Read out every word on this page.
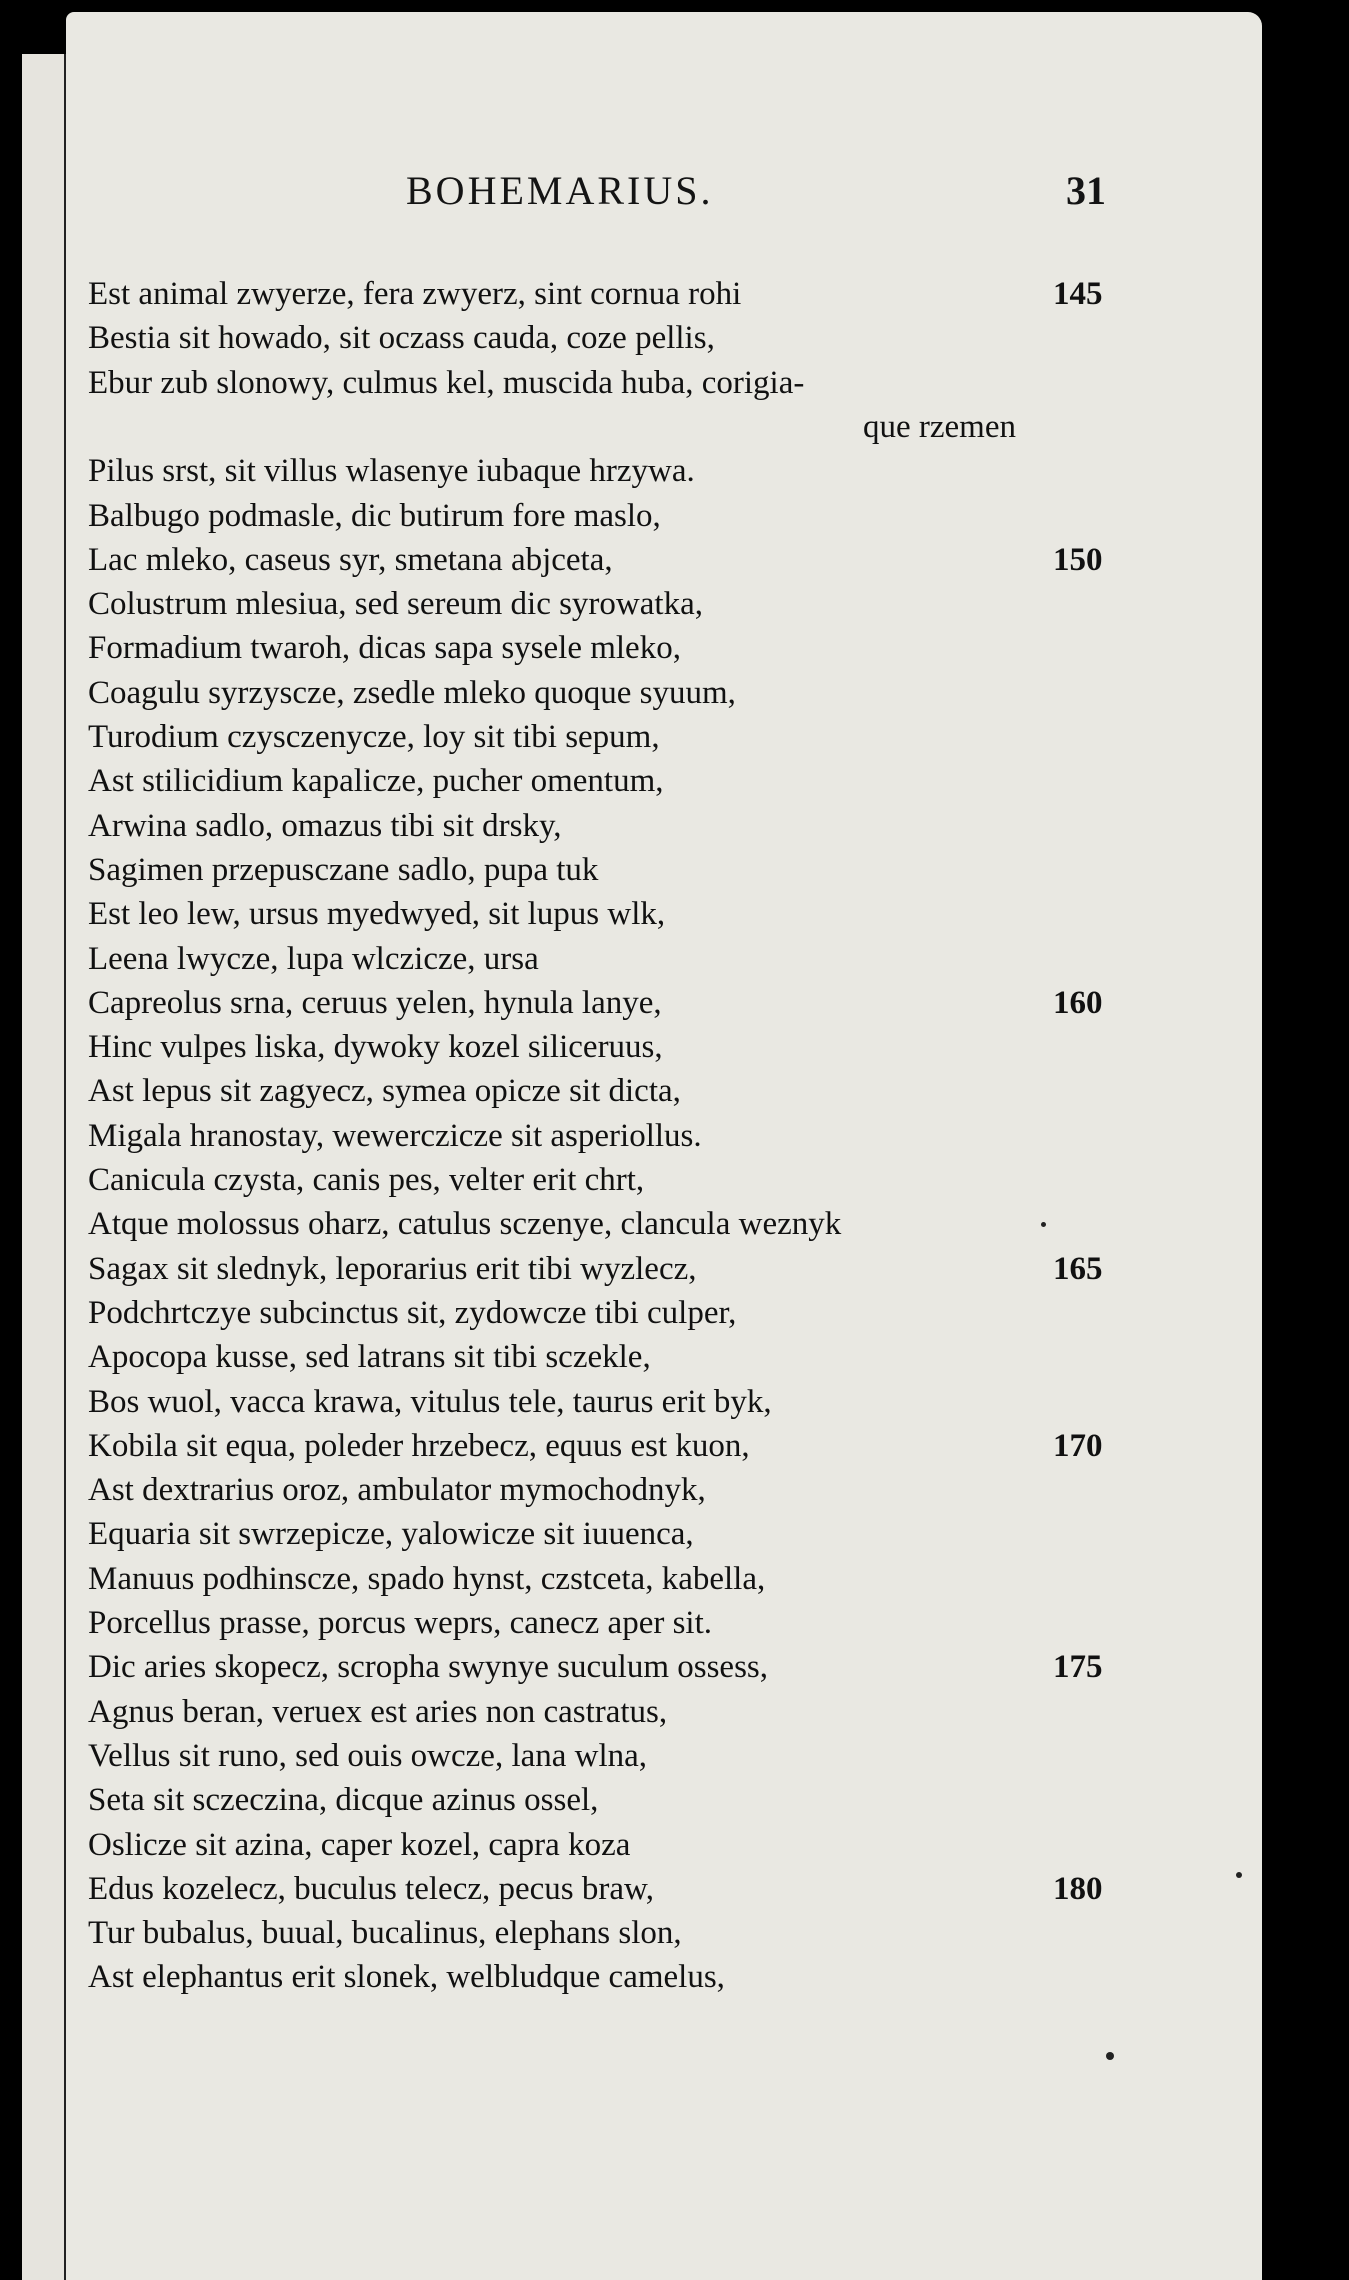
BOHEMARIUS.	31
Est animal zwyerze, fera zwyerz, sint cornua rohi	145
Bestia sit howado, sit oczass cauda, coze pellis,
Ebur zub slonowy, culmus kel, muscida huba, corigia-
que rzemen
Pilus srst, sit villus wlasenye iubaque hrzywa.
Balbugo podmasle, dic butirum fore maslo,
Lac mleko, caseus syr, smetana abjceta,	150
Colustrum mlesiua, sed sereum dic syrowatka,
Formadium twaroh, dicas sapa sysele mleko,
Coagulu syrzyscze, zsedle mleko quoque syuum,
Turodium czysczenycze, loy sit tibi sepum,
Ast stilicidium kapalicze, pucher omentum,
Arwina sadlo, omazus tibi sit drsky,
Sagimen przepusczane sadlo, pupa tuk
Est leo lew, ursus myedwyed, sit lupus wlk,
Leena lwycze, lupa wlczicze, ursa
Capreolus srna, ceruus yelen, hynula lanye,	160
Hinc vulpes liska, dywoky kozel siliceruus,
Ast lepus sit zagyecz, symea opicze sit dicta,
Migala hranostay, wewerczicze sit asperiollus.
Canicula czysta, canis pes, velter erit chrt,
Atque molossus oharz, catulus sczenye, clancula weznyk
Sagax sit slednyk, leporarius erit tibi wyzlecz,	165
Podchrtczye subcinctus sit, zydowcze tibi culper,
Apocopa kusse, sed latrans sit tibi sczekle,
Bos wuol, vacca krawa, vitulus tele, taurus erit byk,
Kobila sit equa, poleder hrzebecz, equus est kuon,	170
Ast dextrarius oroz, ambulator mymochodnyk,
Equaria sit swrzepicze, yalowicze sit iuuenca,
Manuus podhinscze, spado hynst, czstceta, kabella,
Porcellus prasse, porcus weprs, canecz aper sit.
Dic aries skopecz, scropha swynye suculum ossess,	175
Agnus beran, veruex est aries non castratus,
Vellus sit runo, sed ouis owcze, lana wlna,
Seta sit sczeczina, dicque azinus ossel,
Oslicze sit azina, caper kozel, capra koza
Edus kozelecz, buculus telecz, pecus braw,	180
Tur bubalus, buual, bucalinus, elephans slon,
Ast elephantus erit slonek, welbludque camelus,
